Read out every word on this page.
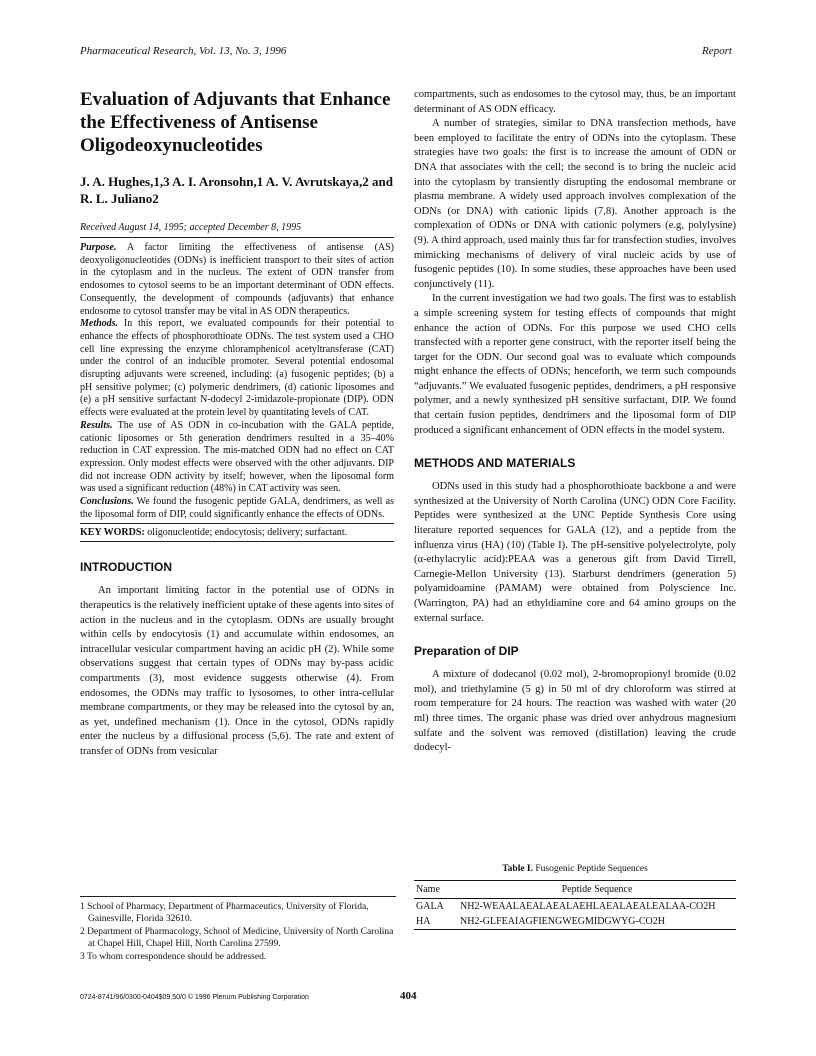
Pharmaceutical Research, Vol. 13, No. 3, 1996	Report

Evaluation of Adjuvants that Enhance the Effectiveness of Antisense Oligodeoxynucleotides

J. A. Hughes,1,3 A. I. Aronsohn,1 A. V. Avrutskaya,2 and R. L. Juliano2

Received August 14, 1995; accepted December 8, 1995

Purpose. A factor limiting the effectiveness of antisense (AS) deoxyoligonucleotides (ODNs) is inefficient transport to their sites of action in the cytoplasm and in the nucleus. The extent of ODN transfer from endosomes to cytosol seems to be an important determinant of ODN effects. Consequently, the development of compounds (adjuvants) that enhance endosome to cytosol transfer may be vital in AS ODN therapeutics.

Methods. In this report, we evaluated compounds for their potential to enhance the effects of phosphorothioate ODNs. The test system used a CHO cell line expressing the enzyme chloramphenicol acetyltransferase (CAT) under the control of an inducible promoter. Several potential endosomal disrupting adjuvants were screened, including: (a) fusogenic peptides; (b) a pH sensitive polymer; (c) polymeric dendrimers, (d) cationic liposomes and (e) a pH sensitive surfactant N-dodecyl 2-imidazole-propionate (DIP). ODN effects were evaluated at the protein level by quantitating levels of CAT.

Results. The use of AS ODN in co-incubation with the GALA peptide, cationic liposomes or 5th generation dendrimers resulted in a 35–40% reduction in CAT expression. The mis-matched ODN had no effect on CAT expression. Only modest effects were observed with the other adjuvants. DIP did not increase ODN activity by itself; however, when the liposomal form was used a significant reduction (48%) in CAT activity was seen.

Conclusions. We found the fusogenic peptide GALA, dendrimers, as well as the liposomal form of DIP, could significantly enhance the effects of ODNs.

KEY WORDS: oligonucleotide; endocytosis; delivery; surfactant.
INTRODUCTION

An important limiting factor in the potential use of ODNs in therapeutics is the relatively inefficient uptake of these agents into sites of action in the nucleus and in the cytoplasm. ODNs are usually brought within cells by endocytosis (1) and accumulate within endosomes, an intracellular vesicular compartment having an acidic pH (2). While some observations suggest that certain types of ODNs may by-pass acidic compartments (3), most evidence suggests otherwise (4). From endosomes, the ODNs may traffic to lysosomes, to other intra-cellular membrane compartments, or they may be released into the cytosol by an, as yet, undefined mechanism (1). Once in the cytosol, ODNs rapidly enter the nucleus by a diffusional process (5,6). The rate and extent of transfer of ODNs from vesicular

compartments, such as endosomes to the cytosol may, thus, be an important determinant of AS ODN efficacy.

A number of strategies, similar to DNA transfection methods, have been employed to facilitate the entry of ODNs into the cytoplasm. These strategies have two goals: the first is to increase the amount of ODN or DNA that associates with the cell; the second is to bring the nucleic acid into the cytoplasm by transiently disrupting the endosomal membrane or plasma membrane. A widely used approach involves complexation of the ODNs (or DNA) with cationic lipids (7,8). Another approach is the complexation of ODNs or DNA with cationic polymers (e.g, polylysine) (9). A third approach, used mainly thus far for transfection studies, involves mimicking mechanisms of delivery of viral nucleic acids by use of fusogenic peptides (10). In some studies, these approaches have been used conjunctively (11).

In the current investigation we had two goals. The first was to establish a simple screening system for testing effects of compounds that might enhance the action of ODNs. For this purpose we used CHO cells transfected with a reporter gene construct, with the reporter itself being the target for the ODN. Our second goal was to evaluate which compounds might enhance the effects of ODNs; henceforth, we term such compounds “adjuvants.” We evaluated fusogenic peptides, dendrimers, a pH responsive polymer, and a newly synthesized pH sensitive surfactant, DIP. We found that certain fusion peptides, dendrimers and the liposomal form of DIP produced a significant enhancement of ODN effects in the model system.

METHODS AND MATERIALS

ODNs used in this study had a phosphorothioate backbone a and were synthesized at the University of North Carolina (UNC) ODN Core Facility. Peptides were synthesized at the UNC Peptide Synthesis Core using literature reported sequences for GALA (12), and a peptide from the influenza virus (HA) (10) (Table I). The pH-sensitive polyelectrolyte, poly (α-ethylacrylic acid):PEAA was a generous gift from David Tirrell, Carnegie-Mellon University (13). Starburst dendrimers (generation 5) polyamidoamine (PAMAM) were obtained from Polyscience Inc. (Warrington, PA) had an ethyldiamine core and 64 amino groups on the external surface.

Preparation of DIP

A mixture of dodecanol (0.02 mol), 2-bromopropionyl bromide (0.02 mol), and triethylamine (5 g) in 50 ml of dry chloroform was stirred at room temperature for 24 hours. The reaction was washed with water (20 ml) three times. The organic phase was dried over anhydrous magnesium sulfate and the solvent was removed (distillation) leaving the crude dodecyl-

Table I. Fusogenic Peptide Sequences
Name	Peptide Sequence
GALA	NH2-WEAALAEALAEALAEHLAEALAEALEALAA-CO2H
HA	NH2-GLFEAIAGFIENGWEGMIDGWYG-CO2H

1 School of Pharmacy, Department of Pharmaceutics, University of Florida, Gainesville, Florida 32610.

2 Department of Pharmacology, School of Medicine, University of North Carolina at Chapel Hill, Chapel Hill, North Carolina 27599.

3 To whom correspondence should be addressed.

0724-8741/96/0300-0404$09.50/0 © 1996 Plenum Publishing Corporation	404
